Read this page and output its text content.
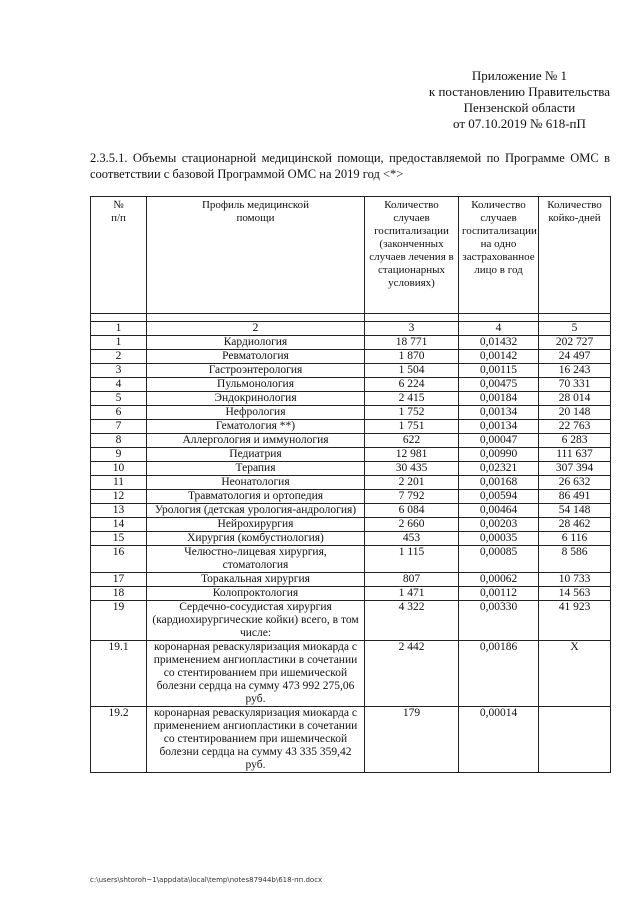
Приложение № 1
к постановлению Правительства
Пензенской области
от 07.10.2019 № 618-пП
2.3.5.1. Объемы стационарной медицинской помощи, предоставляемой по Программе ОМС в соответствии с базовой Программой ОМС на 2019 год <*>
№ п/п	Профиль медицинской помощи	Количество случаев госпитализации (законченных случаев лечения в стационарных условиях)	Количество случаев госпитализации на одно застрахованное лицо в год	Количество койко-дней

1	2	3	4	5
1	Кардиология	18 771	0,01432	202 727
2	Ревматология	1 870	0,00142	24 497
3	Гастроэнтерология	1 504	0,00115	16 243
4	Пульмонология	6 224	0,00475	70 331
5	Эндокринология	2 415	0,00184	28 014
6	Нефрология	1 752	0,00134	20 148
7	Гематология **)	1 751	0,00134	22 763
8	Аллергология и иммунология	622	0,00047	6 283
9	Педиатрия	12 981	0,00990	111 637
10	Терапия	30 435	0,02321	307 394
11	Неонатология	2 201	0,00168	26 632
12	Травматология и ортопедия	7 792	0,00594	86 491
13	Урология (детская урология-андрология)	6 084	0,00464	54 148
14	Нейрохирургия	2 660	0,00203	28 462
15	Хирургия (комбустиология)	453	0,00035	6 116
16	Челюстно-лицевая хирургия, стоматология	1 115	0,00085	8 586
17	Торакальная хирургия	807	0,00062	10 733
18	Колопроктология	1 471	0,00112	14 563
19	Сердечно-сосудистая хирургия (кардиохирургические койки) всего, в том числе:	4 322	0,00330	41 923
19.1	коронарная реваскуляризация миокарда с применением ангиопластики в сочетании со стентированием при ишемической болезни сердца на сумму 473 992 275,06 руб.	2 442	0,00186	X
19.2	коронарная реваскуляризация миокарда с применением ангиопластики в сочетании со стентированием при ишемической болезни сердца на сумму 43 335 359,42 руб.	179	0,00014	
c:\users\shtoroh~1\appdata\local\temp\notes87944b\618-пп.docx
